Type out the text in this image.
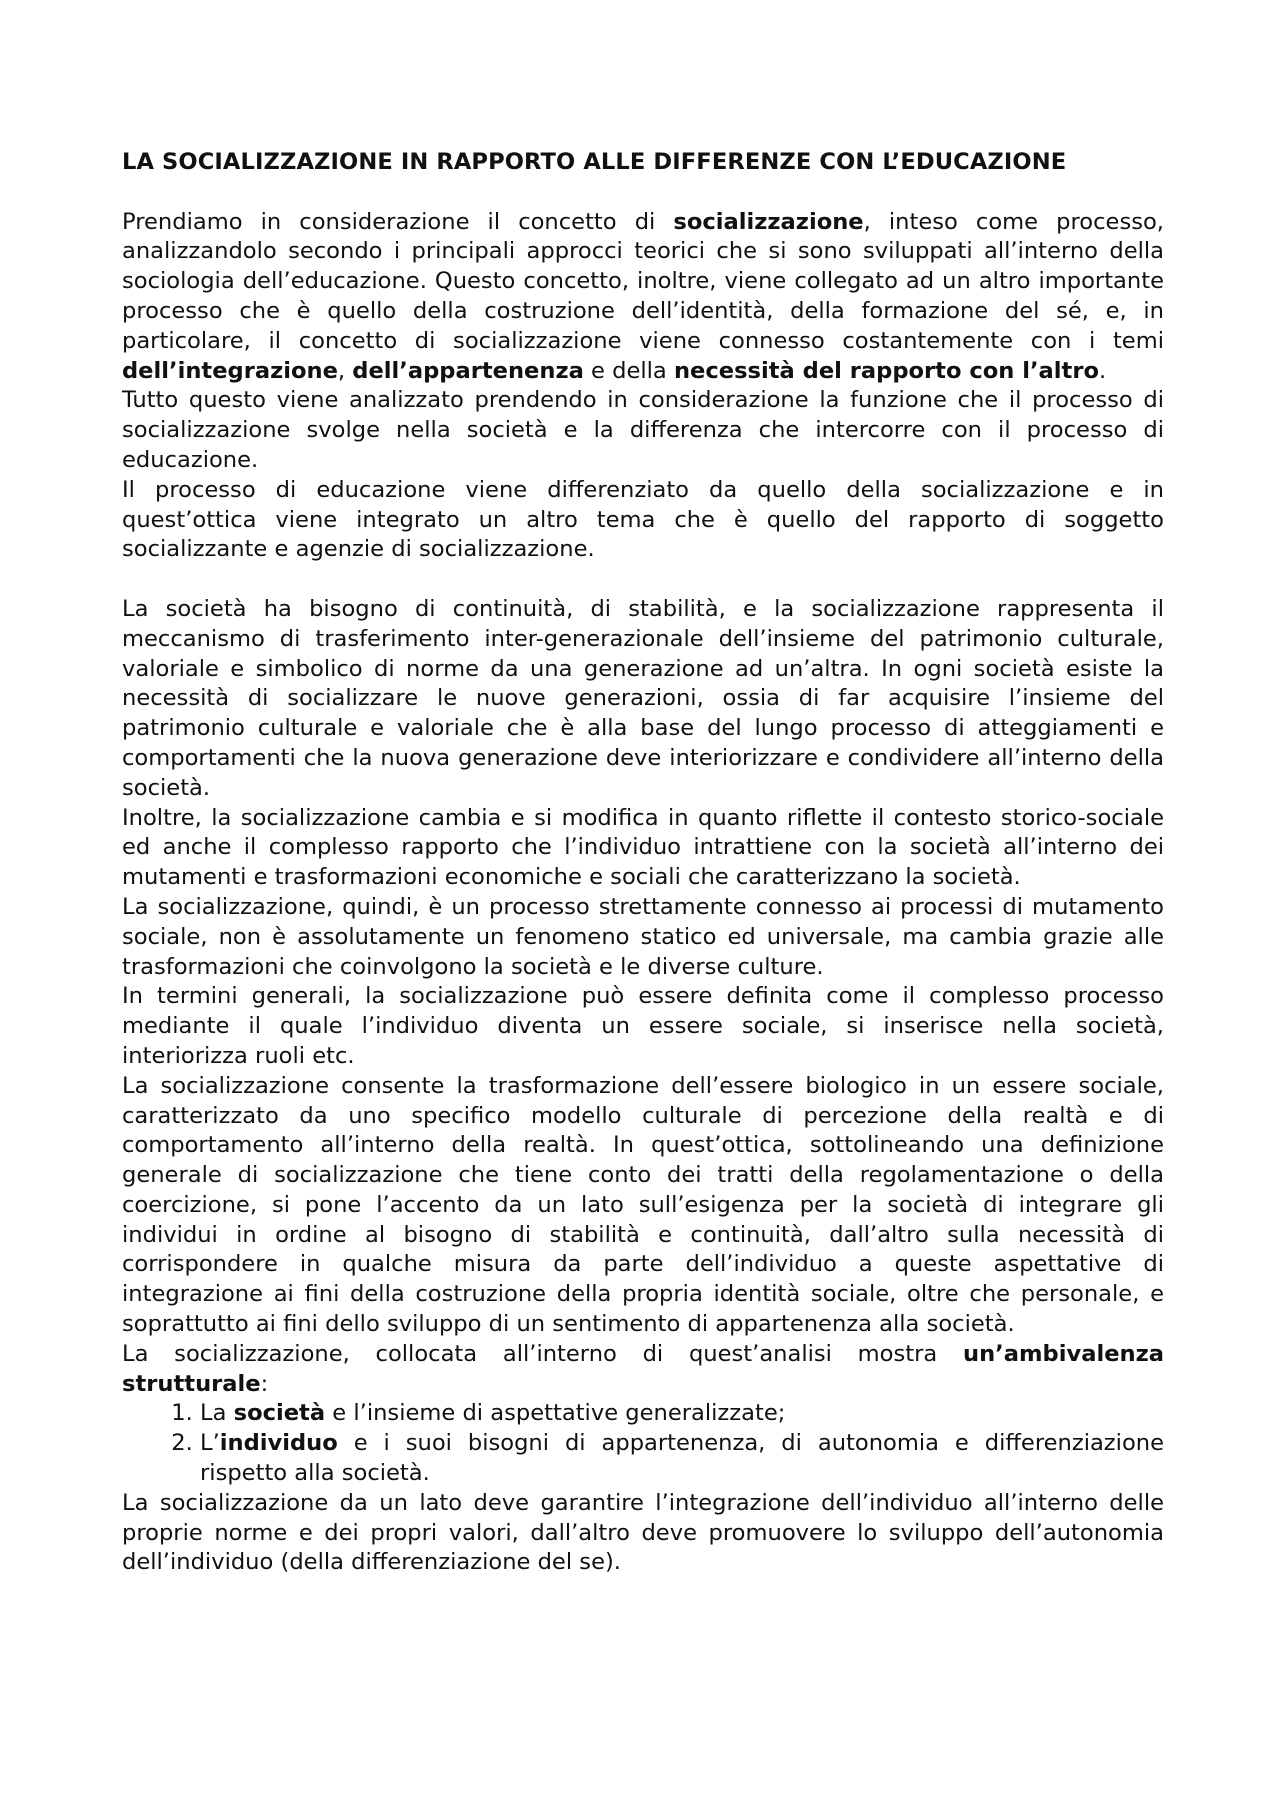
LA SOCIALIZZAZIONE IN RAPPORTO ALLE DIFFERENZE CON L’EDUCAZIONE

Prendiamo in considerazione il concetto di socializzazione, inteso come processo, analizzandolo secondo i principali approcci teorici che si sono sviluppati all’interno della sociologia dell’educazione. Questo concetto, inoltre, viene collegato ad un altro importante processo che è quello della costruzione dell’identità, della formazione del sé, e, in particolare, il concetto di socializzazione viene connesso costantemente con i temi dell’integrazione, dell’appartenenza e della necessità del rapporto con l’altro.

Tutto questo viene analizzato prendendo in considerazione la funzione che il processo di socializzazione svolge nella società e la differenza che intercorre con il processo di educazione.

Il processo di educazione viene differenziato da quello della socializzazione e in quest’ottica viene integrato un altro tema che è quello del rapporto di soggetto socializzante e agenzie di socializzazione.

La società ha bisogno di continuità, di stabilità, e la socializzazione rappresenta il meccanismo di trasferimento inter-generazionale dell’insieme del patrimonio culturale, valoriale e simbolico di norme da una generazione ad un’altra. In ogni società esiste la necessità di socializzare le nuove generazioni, ossia di far acquisire l’insieme del patrimonio culturale e valoriale che è alla base del lungo processo di atteggiamenti e comportamenti che la nuova generazione deve interiorizzare e condividere all’interno della società.

Inoltre, la socializzazione cambia e si modifica in quanto riflette il contesto storico-sociale ed anche il complesso rapporto che l’individuo intrattiene con la società all’interno dei mutamenti e trasformazioni economiche e sociali che caratterizzano la società.

La socializzazione, quindi, è un processo strettamente connesso ai processi di mutamento sociale, non è assolutamente un fenomeno statico ed universale, ma cambia grazie alle trasformazioni che coinvolgono la società e le diverse culture.

In termini generali, la socializzazione può essere definita come il complesso processo mediante il quale l’individuo diventa un essere sociale, si inserisce nella società, interiorizza ruoli etc.

La socializzazione consente la trasformazione dell’essere biologico in un essere sociale, caratterizzato da uno specifico modello culturale di percezione della realtà e di comportamento all’interno della realtà. In quest’ottica, sottolineando una definizione generale di socializzazione che tiene conto dei tratti della regolamentazione o della coercizione, si pone l’accento da un lato sull’esigenza per la società di integrare gli individui in ordine al bisogno di stabilità e continuità, dall’altro sulla necessità di corrispondere in qualche misura da parte dell’individuo a queste aspettative di integrazione ai fini della costruzione della propria identità sociale, oltre che personale, e soprattutto ai fini dello sviluppo di un sentimento di appartenenza alla società.

La socializzazione, collocata all’interno di quest’analisi mostra un’ambivalenza strutturale:

1. La società e l’insieme di aspettative generalizzate;
2. L’individuo e i suoi bisogni di appartenenza, di autonomia e differenziazione rispetto alla società.

La socializzazione da un lato deve garantire l’integrazione dell’individuo all’interno delle proprie norme e dei propri valori, dall’altro deve promuovere lo sviluppo dell’autonomia dell’individuo (della differenziazione del se).
